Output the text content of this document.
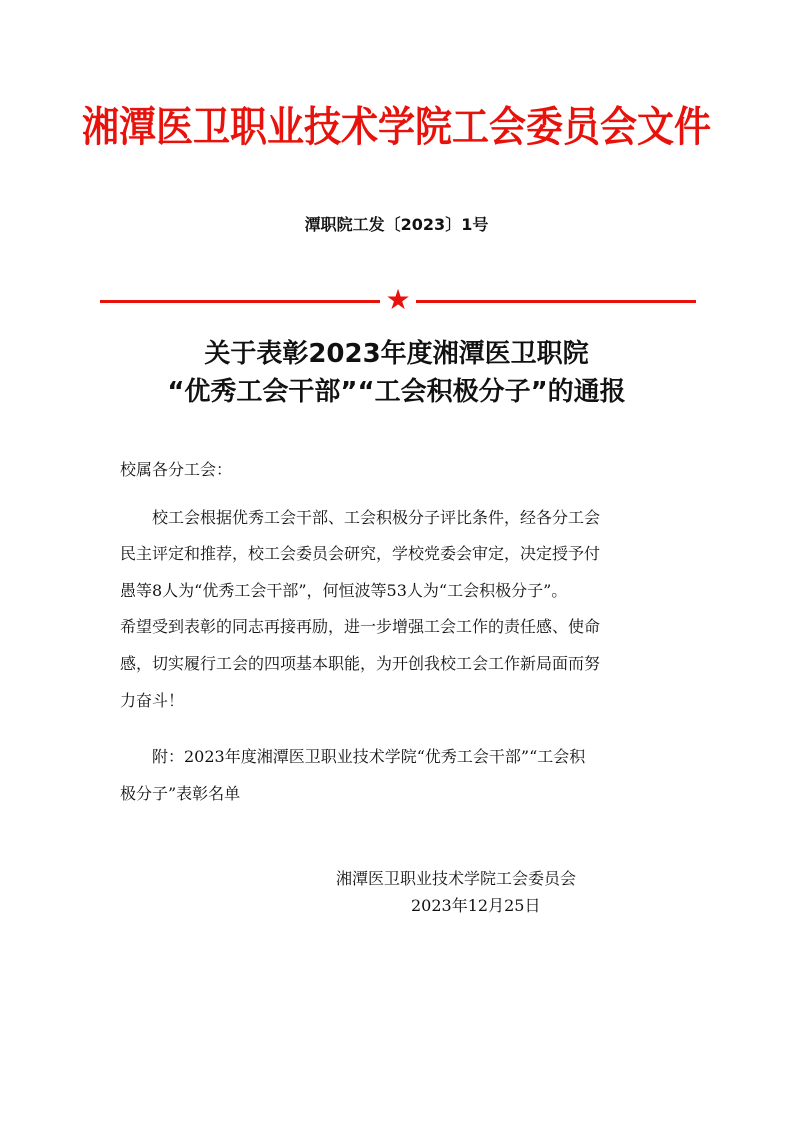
湘潭医卫职业技术学院工会委员会文件
潭职院工发〔2023〕1号
★
关于表彰2023年度湘潭医卫职院
“优秀工会干部”“工会积极分子”的通报
校属各分工会：
　　校工会根据优秀工会干部、工会积极分子评比条件，经各分工会
民主评定和推荐，校工会委员会研究，学校党委会审定，决定授予付
愚等8人为“优秀工会干部”，何恒波等53人为“工会积极分子”。
希望受到表彰的同志再接再励，进一步增强工会工作的责任感、使命
感，切实履行工会的四项基本职能，为开创我校工会工作新局面而努
力奋斗！
　　附：2023年度湘潭医卫职业技术学院“优秀工会干部”“工会积
极分子”表彰名单
湘潭医卫职业技术学院工会委员会
2023年12月25日
